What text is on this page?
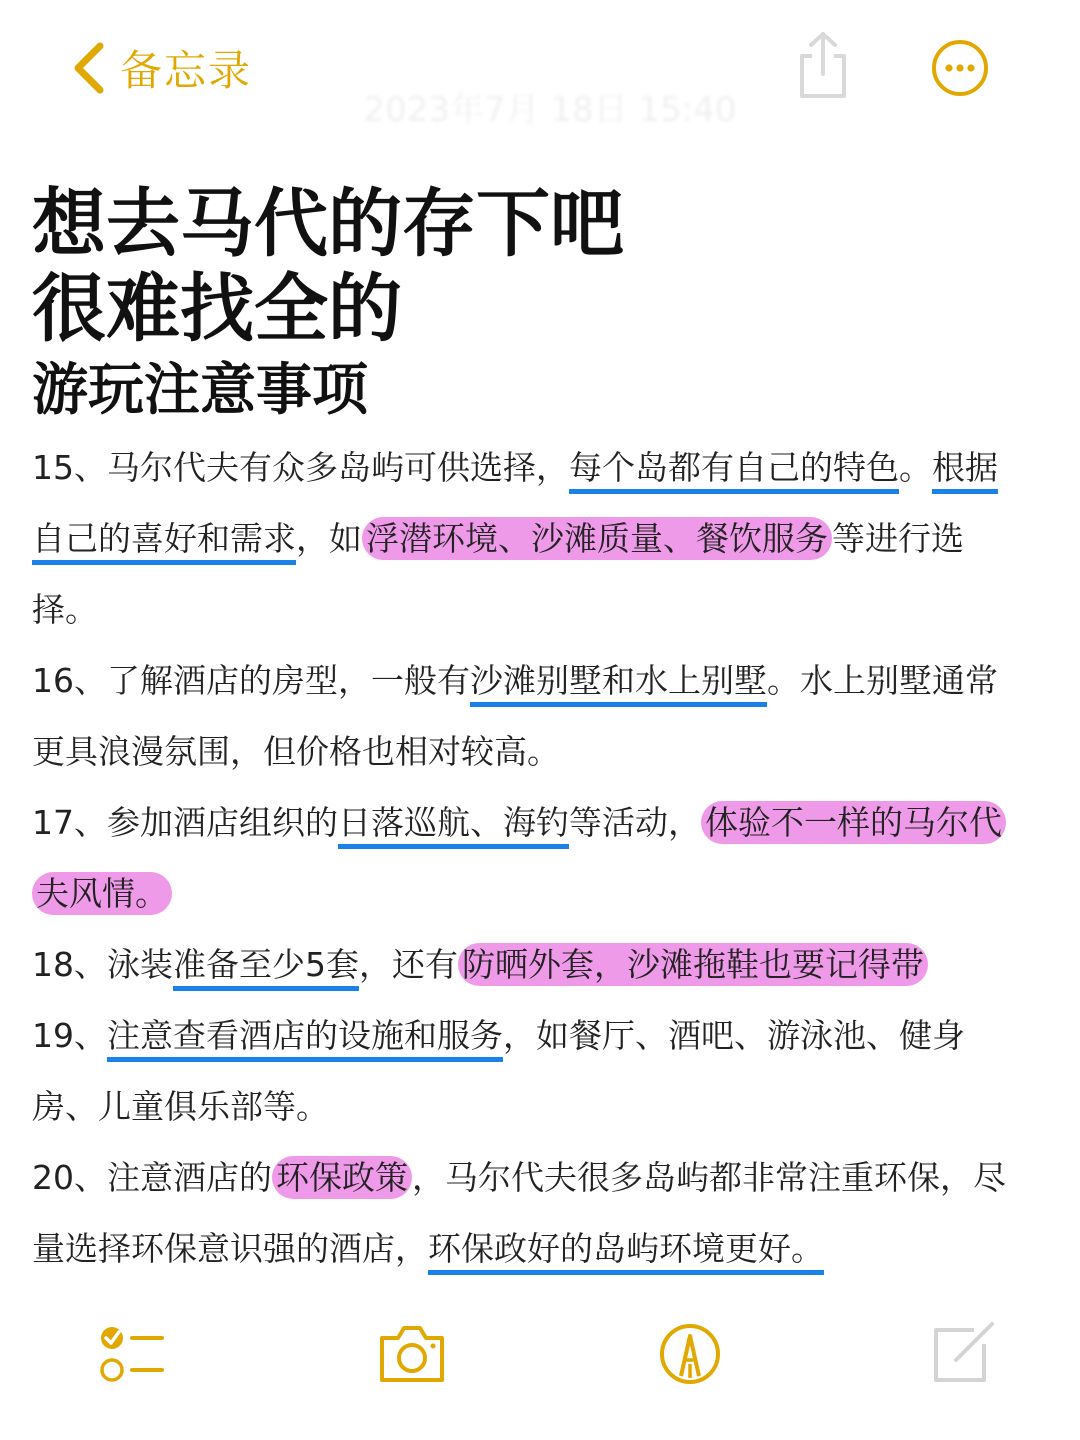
备忘录
2023年7月 18日 15:40
想去马代的存下吧
很难找全的
游玩注意事项

15、马尔代夫有众多岛屿可供选择，每个岛都有自己的特色。根据自己的喜好和需求，如 浮潜环境、沙滩质量、餐饮服务 等进行选择。

16、了解酒店的房型，一般有沙滩别墅和水上别墅。水上别墅通常更具浪漫氛围，但价格也相对较高。

17、参加酒店组织的日落巡航、海钓等活动， 体验不一样的马尔代夫风情。

18、泳装准备至少5套，还有 防晒外套，沙滩拖鞋也要记得带

19、注意查看酒店的设施和服务，如餐厅、酒吧、游泳池、健身房、儿童俱乐部等。

20、注意酒店的 环保政策 ，马尔代夫很多岛屿都非常注重环保，尽量选择环保意识强的酒店，环保政好的岛屿环境更好。
